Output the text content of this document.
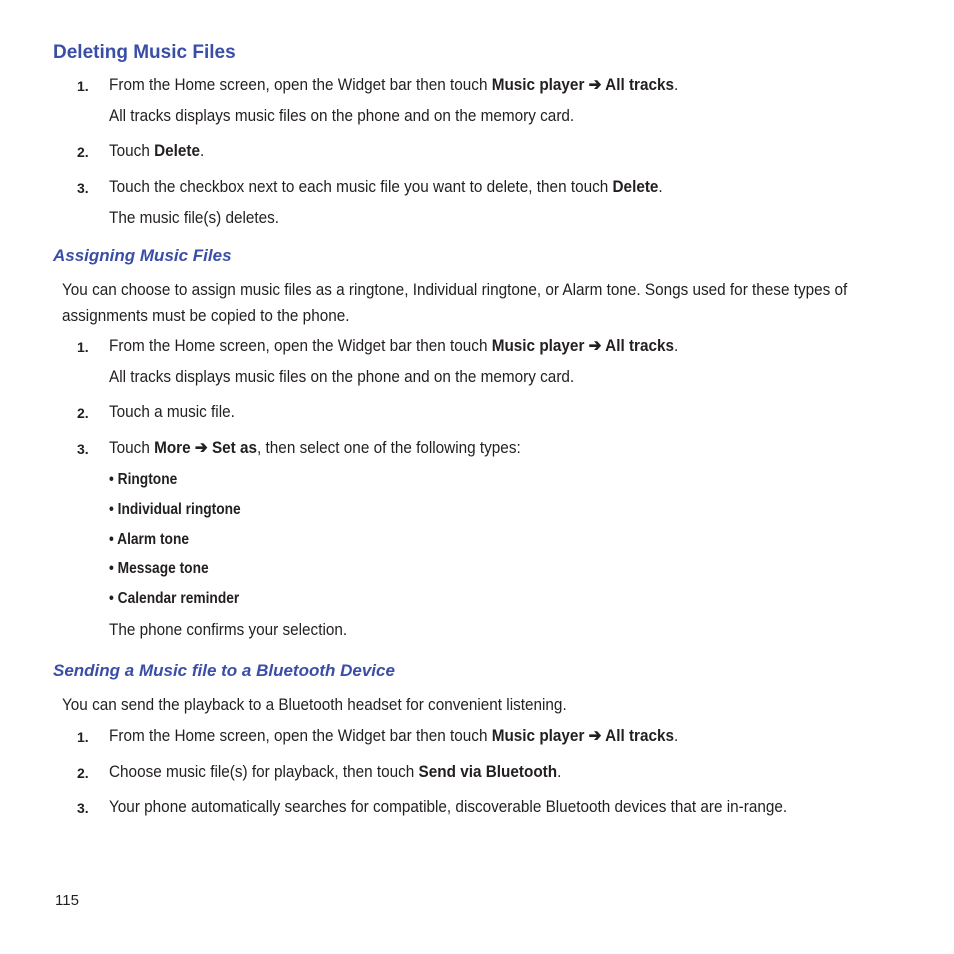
Deleting Music Files
1. From the Home screen, open the Widget bar then touch Music player ➔ All tracks.
All tracks displays music files on the phone and on the memory card.
2. Touch Delete.
3. Touch the checkbox next to each music file you want to delete, then touch Delete.
The music file(s) deletes.
Assigning Music Files
You can choose to assign music files as a ringtone, Individual ringtone, or Alarm tone. Songs used for these types of
assignments must be copied to the phone.
1. From the Home screen, open the Widget bar then touch Music player ➔ All tracks.
All tracks displays music files on the phone and on the memory card.
2. Touch a music file.
3. Touch More ➔ Set as, then select one of the following types:
• Ringtone
• Individual ringtone
• Alarm tone
• Message tone
• Calendar reminder
The phone confirms your selection.
Sending a Music file to a Bluetooth Device
You can send the playback to a Bluetooth headset for convenient listening.
1. From the Home screen, open the Widget bar then touch Music player ➔ All tracks.
2. Choose music file(s) for playback, then touch Send via Bluetooth.
3. Your phone automatically searches for compatible, discoverable Bluetooth devices that are in-range.
115
